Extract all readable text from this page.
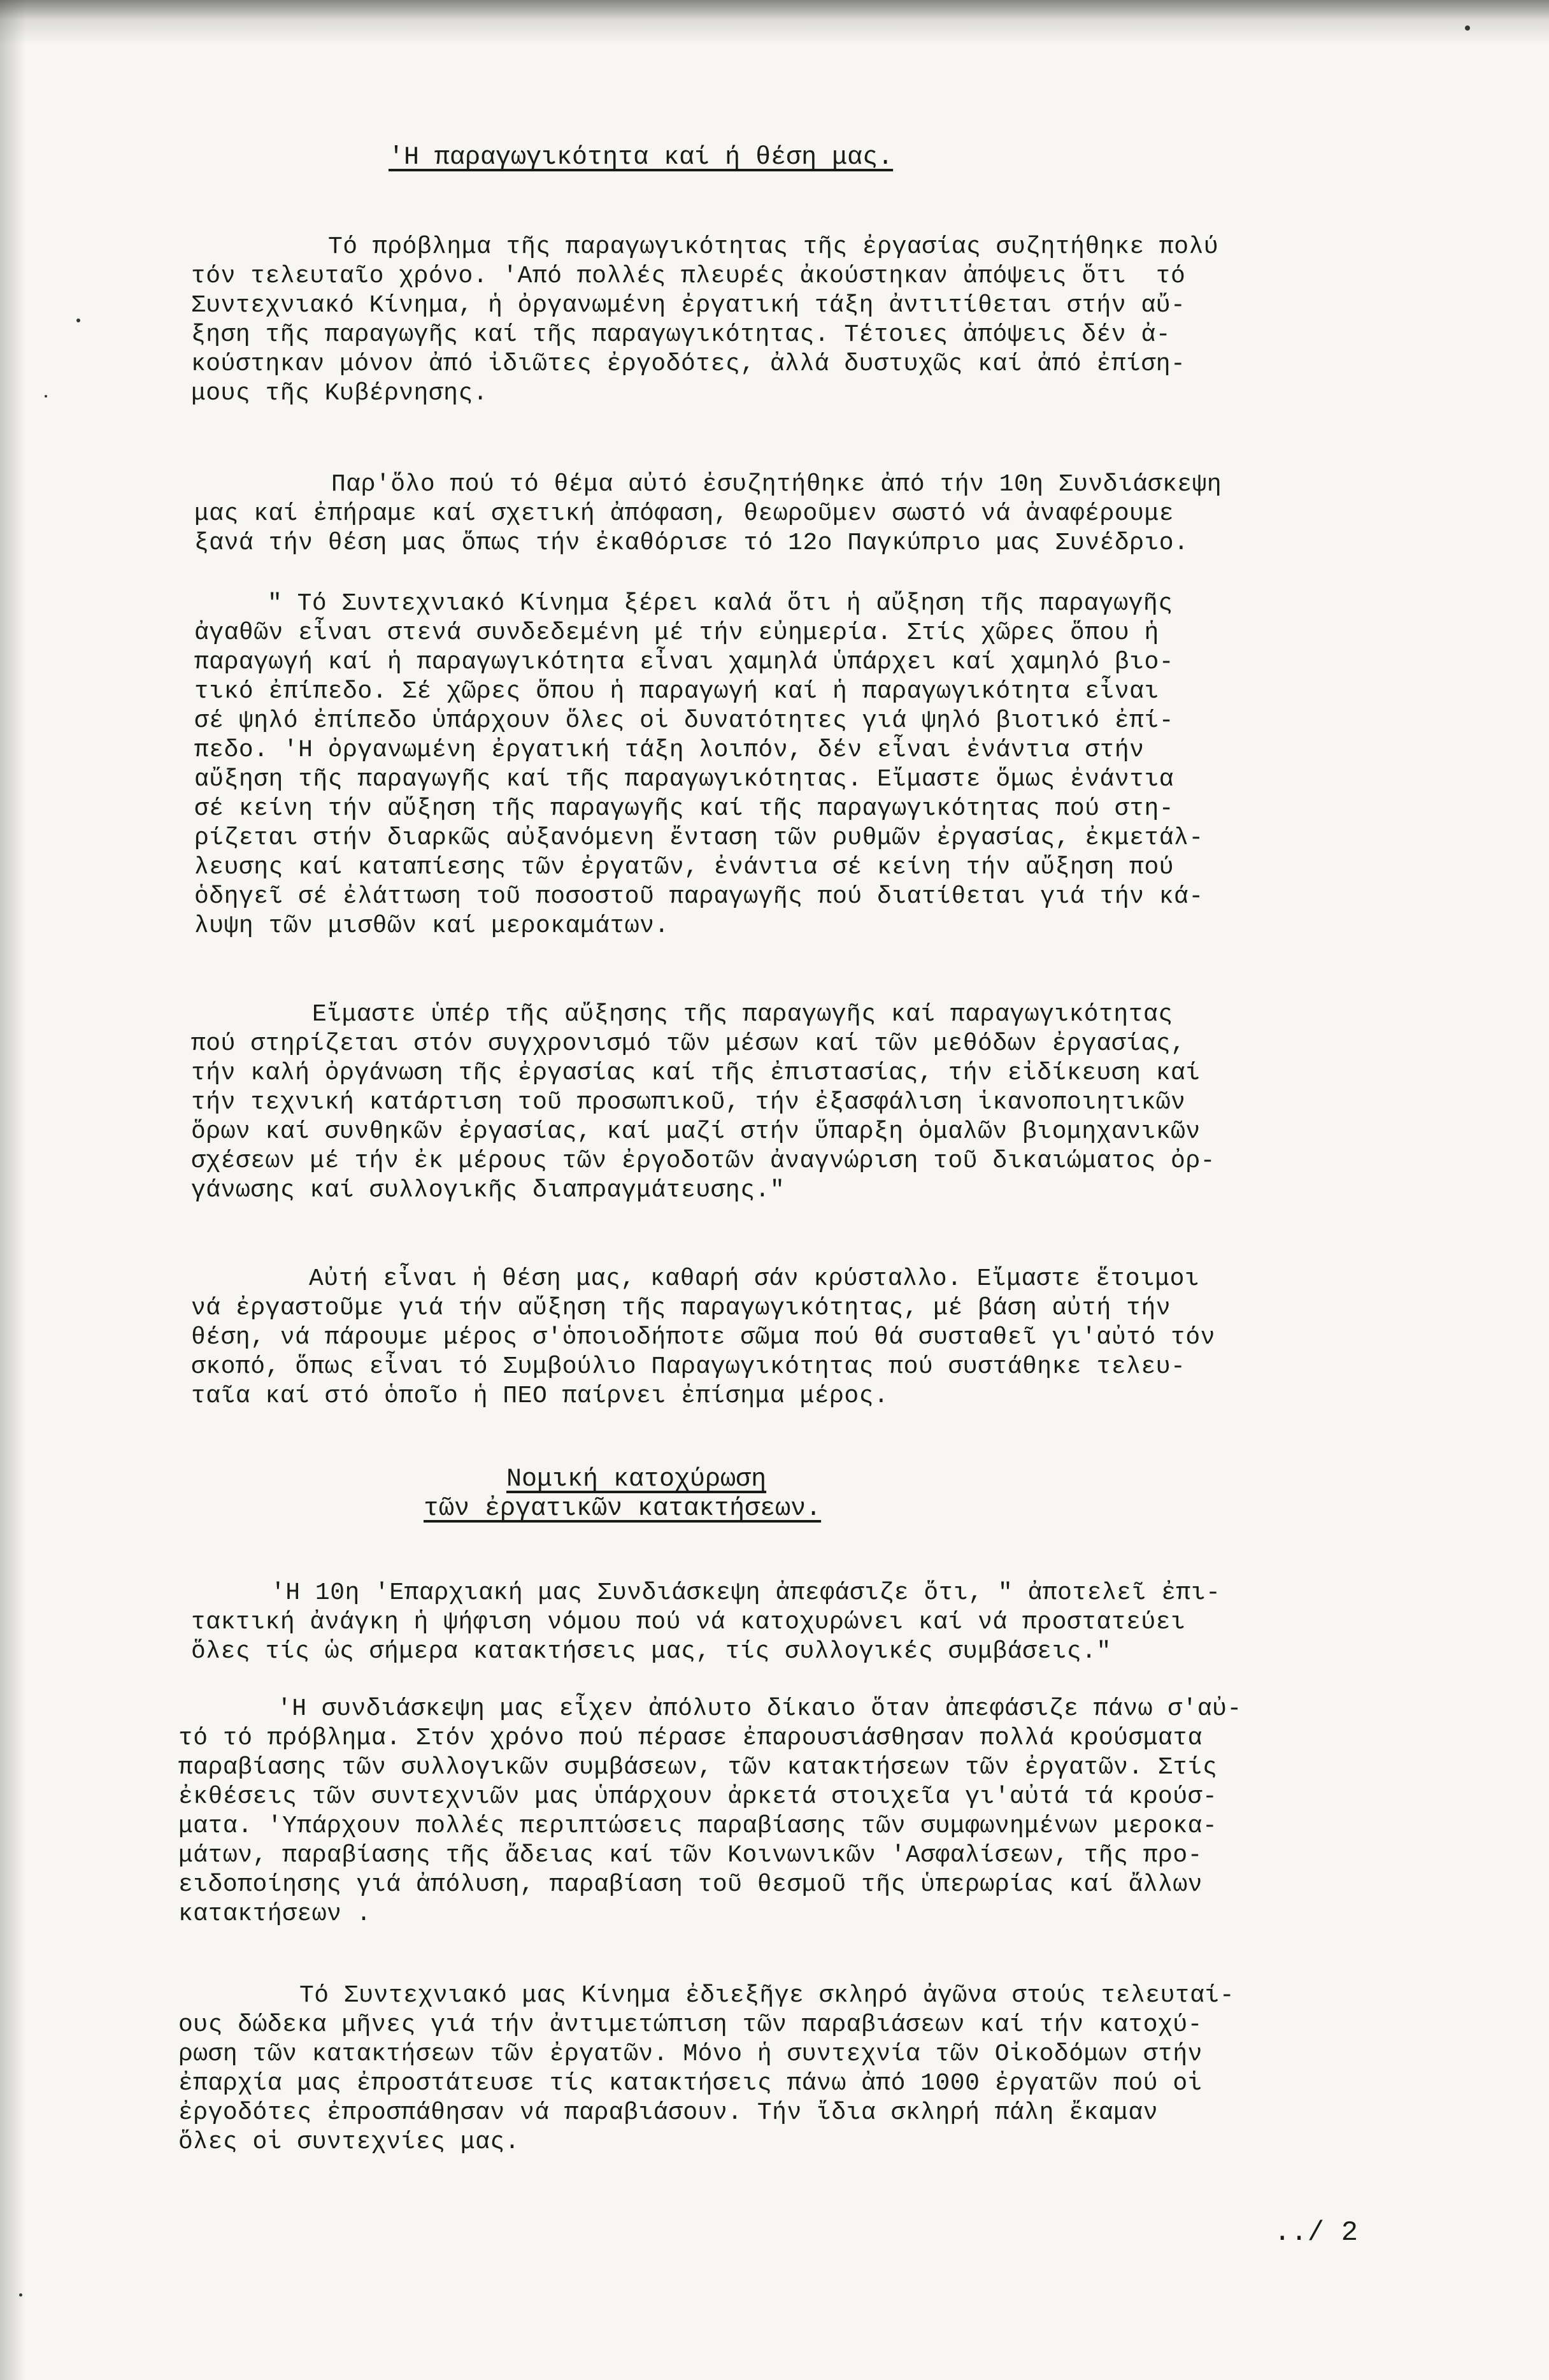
'Η παραγωγικότητα καί ή θέση μας.
Τό πρόβλημα τῆς παραγωγικότητας τῆς ἐργασίας συζητήθηκε πολύ
τόν τελευταῖο χρόνο. 'Από πολλές πλευρές ἀκούστηκαν ἀπόψεις ὅτι  τό
Συντεχνιακό Κίνημα, ἡ ὀργανωμένη ἐργατική τάξη ἀντιτίθεται στήν αὔ-
ξηση τῆς παραγωγῆς καί τῆς παραγωγικότητας. Τέτοιες ἀπόψεις δέν ἀ-
κούστηκαν μόνον ἀπό ἰδιῶτες ἐργοδότες, ἀλλά δυστυχῶς καί ἀπό ἐπίση-
μους τῆς Κυβέρνησης.
Παρ'ὅλο πού τό θέμα αὐτό ἐσυζητήθηκε ἀπό τήν 10η Συνδιάσκεψη
μας καί ἐπήραμε καί σχετική ἀπόφαση, θεωροῦμεν σωστό νά ἀναφέρουμε
ξανά τήν θέση μας ὅπως τήν ἐκαθόρισε τό 12ο Παγκύπριο μας Συνέδριο.
" Τό Συντεχνιακό Κίνημα ξέρει καλά ὅτι ἡ αὔξηση τῆς παραγωγῆς
ἀγαθῶν εἶναι στενά συνδεδεμένη μέ τήν εὐημερία. Στίς χῶρες ὅπου ἡ
παραγωγή καί ἡ παραγωγικότητα εἶναι χαμηλά ὑπάρχει καί χαμηλό βιο-
τικό ἐπίπεδο. Σέ χῶρες ὅπου ἡ παραγωγή καί ἡ παραγωγικότητα εἶναι
σέ ψηλό ἐπίπεδο ὑπάρχουν ὅλες οἱ δυνατότητες γιά ψηλό βιοτικό ἐπί-
πεδο. 'Η ὀργανωμένη ἐργατική τάξη λοιπόν, δέν εἶναι ἐνάντια στήν
αὔξηση τῆς παραγωγῆς καί τῆς παραγωγικότητας. Εἴμαστε ὅμως ἐνάντια
σέ κείνη τήν αὔξηση τῆς παραγωγῆς καί τῆς παραγωγικότητας πού στη-
ρίζεται στήν διαρκῶς αὐξανόμενη ἔνταση τῶν ρυθμῶν ἐργασίας, ἐκμετάλ-
λευσης καί καταπίεσης τῶν ἐργατῶν, ἐνάντια σέ κείνη τήν αὔξηση πού
ὁδηγεῖ σέ ἐλάττωση τοῦ ποσοστοῦ παραγωγῆς πού διατίθεται γιά τήν κά-
λυψη τῶν μισθῶν καί μεροκαμάτων.
Εἴμαστε ὑπέρ τῆς αὔξησης τῆς παραγωγῆς καί παραγωγικότητας
πού στηρίζεται στόν συγχρονισμό τῶν μέσων καί τῶν μεθόδων ἐργασίας,
τήν καλή ὀργάνωση τῆς ἐργασίας καί τῆς ἐπιστασίας, τήν εἰδίκευση καί
τήν τεχνική κατάρτιση τοῦ προσωπικοῦ, τήν ἐξασφάλιση ἱκανοποιητικῶν
ὅρων καί συνθηκῶν ἐργασίας, καί μαζί στήν ὕπαρξη ὁμαλῶν βιομηχανικῶν
σχέσεων μέ τήν ἐκ μέρους τῶν ἐργοδοτῶν ἀναγνώριση τοῦ δικαιώματος ὀρ-
γάνωσης καί συλλογικῆς διαπραγμάτευσης."
Αὐτή εἶναι ἡ θέση μας, καθαρή σάν κρύσταλλο. Εἴμαστε ἕτοιμοι
νά ἐργαστοῦμε γιά τήν αὔξηση τῆς παραγωγικότητας, μέ βάση αὐτή τήν
θέση, νά πάρουμε μέρος σ'ὁποιοδήποτε σῶμα πού θά συσταθεῖ γι'αὐτό τόν
σκοπό, ὅπως εἶναι τό Συμβούλιο Παραγωγικότητας πού συστάθηκε τελευ-
ταῖα καί στό ὁποῖο ἡ ΠΕΟ παίρνει ἐπίσημα μέρος.
Νομική κατοχύρωση
τῶν ἐργατικῶν κατακτήσεων.
'Η 10η 'Επαρχιακή μας Συνδιάσκεψη ἀπεφάσιζε ὅτι, " ἀποτελεῖ ἐπι-
τακτική ἀνάγκη ἡ ψήφιση νόμου πού νά κατοχυρώνει καί νά προστατεύει
ὅλες τίς ὡς σήμερα κατακτήσεις μας, τίς συλλογικές συμβάσεις."
'Η συνδιάσκεψη μας εἶχεν ἀπόλυτο δίκαιο ὅταν ἀπεφάσιζε πάνω σ'αὐ-
τό τό πρόβλημα. Στόν χρόνο πού πέρασε ἐπαρουσιάσθησαν πολλά κρούσματα
παραβίασης τῶν συλλογικῶν συμβάσεων, τῶν κατακτήσεων τῶν ἐργατῶν. Στίς
ἐκθέσεις τῶν συντεχνιῶν μας ὑπάρχουν ἀρκετά στοιχεῖα γι'αὐτά τά κρούσ-
ματα. 'Υπάρχουν πολλές περιπτώσεις παραβίασης τῶν συμφωνημένων μεροκα-
μάτων, παραβίασης τῆς ἄδειας καί τῶν Κοινωνικῶν 'Ασφαλίσεων, τῆς προ-
ειδοποίησης γιά ἀπόλυση, παραβίαση τοῦ θεσμοῦ τῆς ὑπερωρίας καί ἄλλων
κατακτήσεων .
Τό Συντεχνιακό μας Κίνημα ἐδιεξῆγε σκληρό ἀγῶνα στούς τελευταί-
ους δώδεκα μῆνες γιά τήν ἀντιμετώπιση τῶν παραβιάσεων καί τήν κατοχύ-
ρωση τῶν κατακτήσεων τῶν ἐργατῶν. Μόνο ἡ συντεχνία τῶν Οἰκοδόμων στήν
ἐπαρχία μας ἐπροστάτευσε τίς κατακτήσεις πάνω ἀπό 1000 ἐργατῶν πού οἱ
ἐργοδότες ἐπροσπάθησαν νά παραβιάσουν. Τήν ἴδια σκληρή πάλη ἔκαμαν
ὅλες οἱ συντεχνίες μας.
../ 2
